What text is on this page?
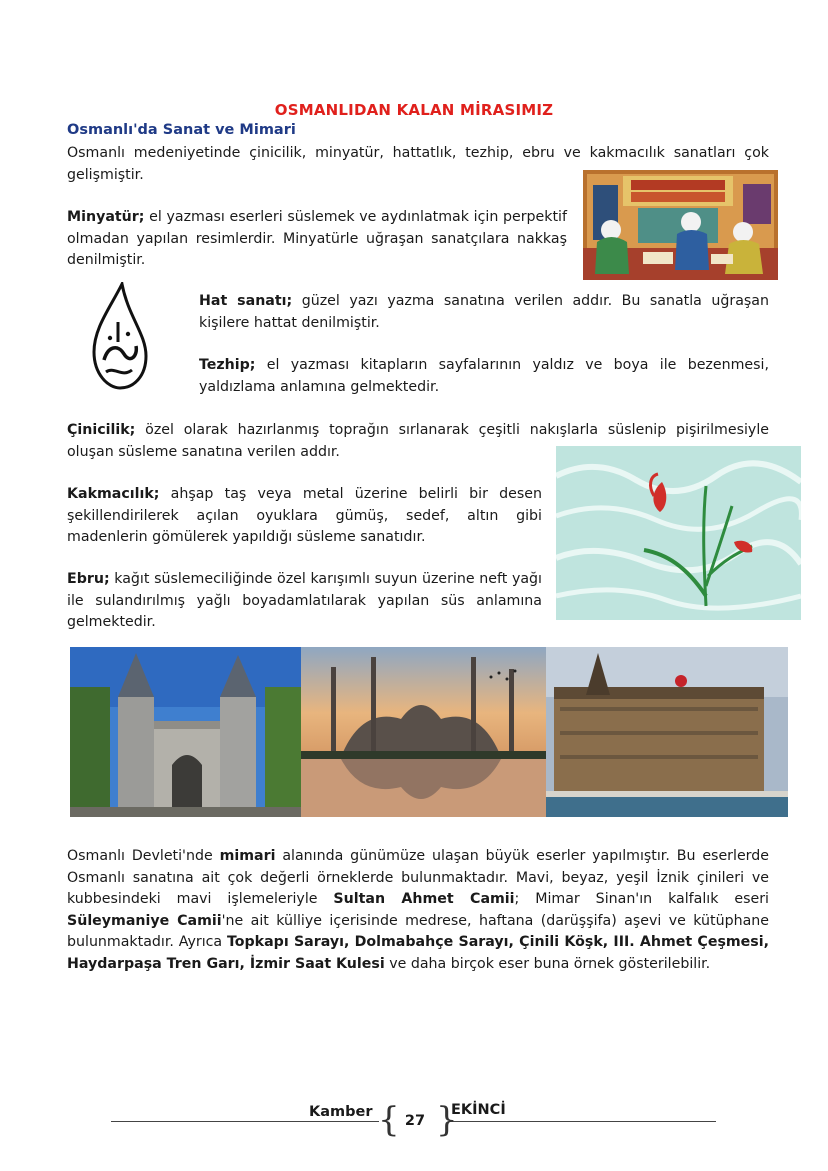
OSMANLIDAN KALAN MİRASIMIZ
Osmanlı'da Sanat ve Mimari
Osmanlı medeniyetinde çinicilik, minyatür, hattatlık, tezhip, ebru ve kakmacılık sanatları çok gelişmiştir.
Minyatür; el yazması eserleri süslemek ve aydınlatmak için perpektif olmadan yapılan resimlerdir. Minyatürle uğraşan sanatçılara nakkaş denilmiştir.
Hat sanatı; güzel yazı yazma sanatına verilen addır. Bu sanatla uğraşan kişilere hattat denilmiştir.
Tezhip; el yazması kitapların sayfalarının yaldız ve boya ile bezenmesi, yaldızlama anlamına gelmektedir.
Çinicilik; özel olarak hazırlanmış toprağın sırlanarak çeşitli nakışlarla süslenip pişirilmesiyle oluşan süsleme sanatına verilen addır.
Kakmacılık; ahşap taş veya metal üzerine belirli bir desen şekillendirilerek açılan oyuklara gümüş, sedef, altın gibi madenlerin gömülerek yapıldığı süsleme sanatıdır.
Ebru; kağıt süslemeciliğinde özel karışımlı suyun üzerine neft yağı ile sulandırılmış yağlı boyadamlatılarak yapılan süs anlamına gelmektedir.
Osmanlı Devleti'nde mimari alanında günümüze ulaşan büyük eserler yapılmıştır. Bu eserlerde Osmanlı sanatına ait çok değerli örneklerde bulunmaktadır. Mavi, beyaz, yeşil İznik çinileri ve kubbesindeki mavi işlemeleriyle Sultan Ahmet Camii; Mimar Sinan'ın kalfalık eseri Süleymaniye Camii'ne ait külliye içerisinde medrese, haftana (darüşşifa) aşevi ve kütüphane bulunmaktadır. Ayrıca Topkapı Sarayı, Dolmabahçe Sarayı, Çinili Köşk, III. Ahmet Çeşmesi, Haydarpaşa Tren Garı, İzmir Saat Kulesi ve daha birçok eser buna örnek gösterilebilir.
Kamber { 27 }
EKİNCİ
